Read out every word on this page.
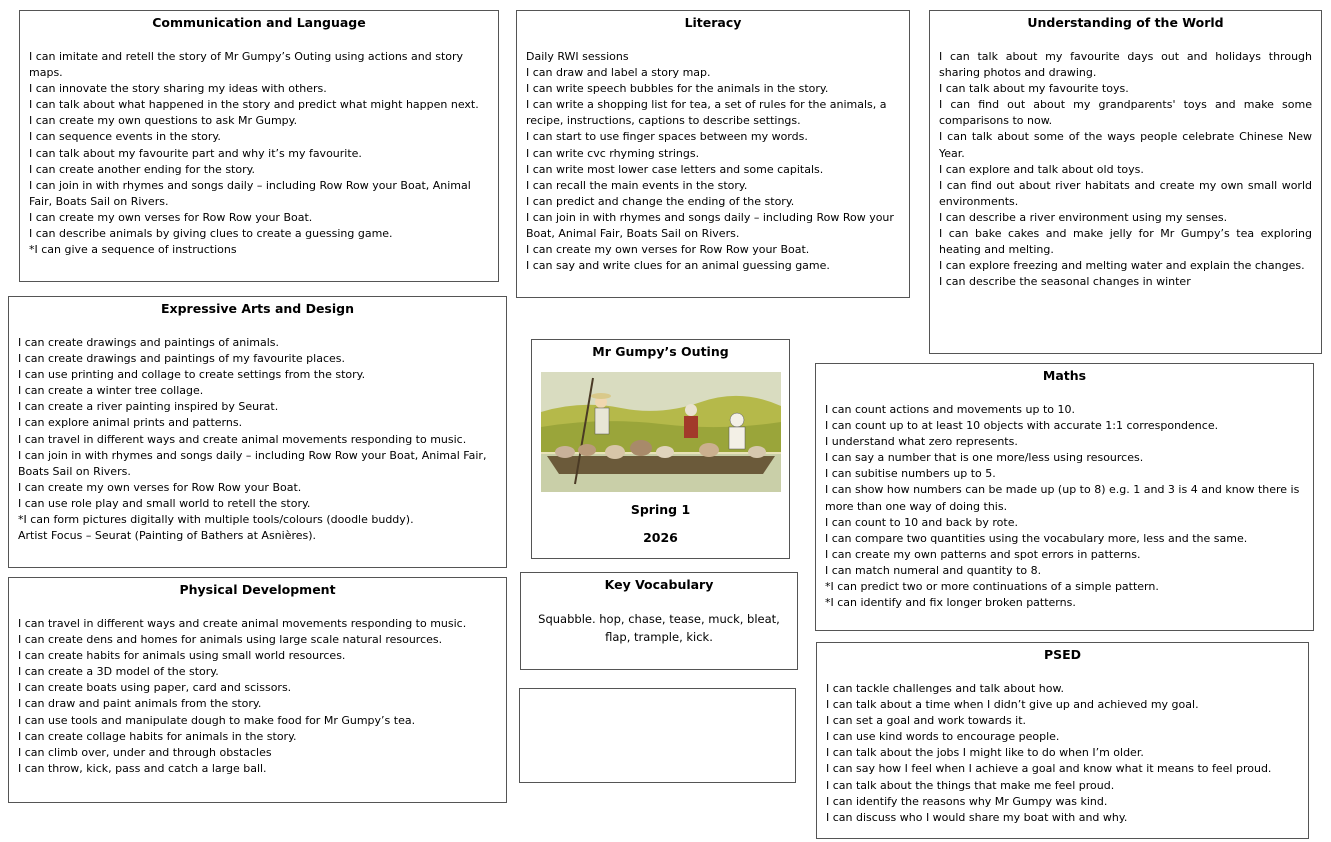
Communication and Language
I can imitate and retell the story of Mr Gumpy’s Outing using actions and story maps.
I can innovate the story sharing my ideas with others.
I can talk about what happened in the story and predict what might happen next.
I can create my own questions to ask Mr Gumpy.
I can sequence events in the story.
I can talk about my favourite part and why it’s my favourite.
I can create another ending for the story.
I can join in with rhymes and songs daily – including Row Row your Boat, Animal Fair, Boats Sail on Rivers.
I can create my own verses for Row Row your Boat.
I can describe animals by giving clues to create a guessing game.
*I can give a sequence of instructions
Literacy
Daily RWI sessions
I can draw and label a story map.
I can write speech bubbles for the animals in the story.
I can write a shopping list for tea, a set of rules for the animals, a recipe, instructions, captions to describe settings.
I can start to use finger spaces between my words.
I can write cvc rhyming strings.
I can write most lower case letters and some capitals.
I can recall the main events in the story.
I can predict and change the ending of the story.
I can join in with rhymes and songs daily – including Row Row your Boat, Animal Fair, Boats Sail on Rivers.
I can create my own verses for Row Row your Boat.
I can say and write clues for an animal guessing game.
Understanding of the World
I can talk about my favourite days out and holidays through sharing photos and drawing.
I can talk about my favourite toys.
I can find out about my grandparents' toys and make some comparisons to now.
I can talk about some of the ways people celebrate Chinese New Year.
I can explore and talk about old toys.
I can find out about river habitats and create my own small world environments.
I can describe a river environment using my senses.
I can bake cakes and make jelly for Mr Gumpy’s tea exploring heating and melting.
I can explore freezing and melting water and explain the changes.
I can describe the seasonal changes in winter
Expressive Arts and Design
I can create drawings and paintings of animals.
I can create drawings and paintings of my favourite places.
I can use printing and collage to create settings from the story.
I can create a winter tree collage.
I can create a river painting inspired by Seurat.
I can explore animal prints and patterns.
I can travel in different ways and create animal movements responding to music.
I can join in with rhymes and songs daily – including Row Row your Boat, Animal Fair, Boats Sail on Rivers.
I can create my own verses for Row Row your Boat.
I can use role play and small world to retell the story.
*I can form pictures digitally with multiple tools/colours (doodle buddy).
Artist Focus – Seurat (Painting of Bathers at Asnières).
Physical Development
I can travel in different ways and create animal movements responding to music.
I can create dens and homes for animals using large scale natural resources.
I can create habits for animals using small world resources.
I can create a 3D model of the story.
I can create boats using paper, card and scissors.
I can draw and paint animals from the story.
I can use tools and manipulate dough to make food for Mr Gumpy’s tea.
I can create collage habits for animals in the story.
I can climb over, under and through obstacles
I can throw, kick, pass and catch a large ball.
Mr Gumpy’s Outing
Spring 1
2026
Key Vocabulary

Squabble. hop, chase, tease, muck, bleat, flap, trample, kick.

Maths
I can count actions and movements up to 10.
I can count up to at least 10 objects with accurate 1:1 correspondence.
I understand what zero represents.
I can say a number that is one more/less using resources.
I can subitise numbers up to 5.
I can show how numbers can be made up (up to 8) e.g. 1 and 3 is 4 and know there is more than one way of doing this.
I can count to 10 and back by rote.
I can compare two quantities using the vocabulary more, less and the same.
I can create my own patterns and spot errors in patterns.
I can match numeral and quantity to 8.
*I can predict two or more continuations of a simple pattern.
*I can identify and fix longer broken patterns.
PSED
I can tackle challenges and talk about how.
I can talk about a time when I didn’t give up and achieved my goal.
I can set a goal and work towards it.
I can use kind words to encourage people.
I can talk about the jobs I might like to do when I’m older.
I can say how I feel when I achieve a goal and know what it means to feel proud.
I can talk about the things that make me feel proud.
I can identify the reasons why Mr Gumpy was kind.
I can discuss who I would share my boat with and why.
